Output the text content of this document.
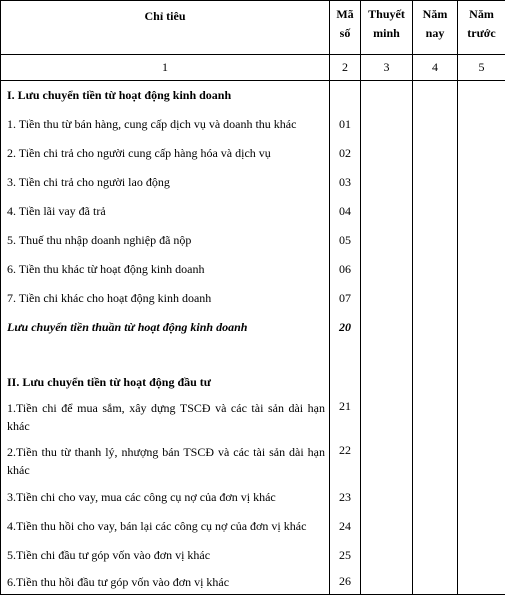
Chỉ tiêu	Mã số	Thuyết minh	Năm nay	Năm trước
1	2	3	4	5
I. Lưu chuyển tiền từ hoạt động kinh doanh				
1. Tiền thu từ bán hàng, cung cấp dịch vụ và doanh thu khác	01			
2. Tiền chi trả cho người cung cấp hàng hóa và dịch vụ	02			
3. Tiền chi trả cho người lao động	03			
4. Tiền lãi vay đã trả	04			
5. Thuế thu nhập doanh nghiệp đã nộp	05			
6. Tiền thu khác từ hoạt động kinh doanh	06			
7. Tiền chi khác cho hoạt động kinh doanh	07			
Lưu chuyển tiền thuần từ hoạt động kinh doanh	20			
II. Lưu chuyển tiền từ hoạt động đầu tư				
1.Tiền chi để mua sắm, xây dựng TSCĐ và các tài sản dài hạn khác	21			
2.Tiền thu từ thanh lý, nhượng bán TSCĐ và các tài sản dài hạn khác	22			
3.Tiền chi cho vay, mua các công cụ nợ của đơn vị khác	23			
4.Tiền thu hồi cho vay, bán lại các công cụ nợ của đơn vị khác	24			
5.Tiền chi đầu tư góp vốn vào đơn vị khác	25			
6.Tiền thu hồi đầu tư góp vốn vào đơn vị khác	26			
